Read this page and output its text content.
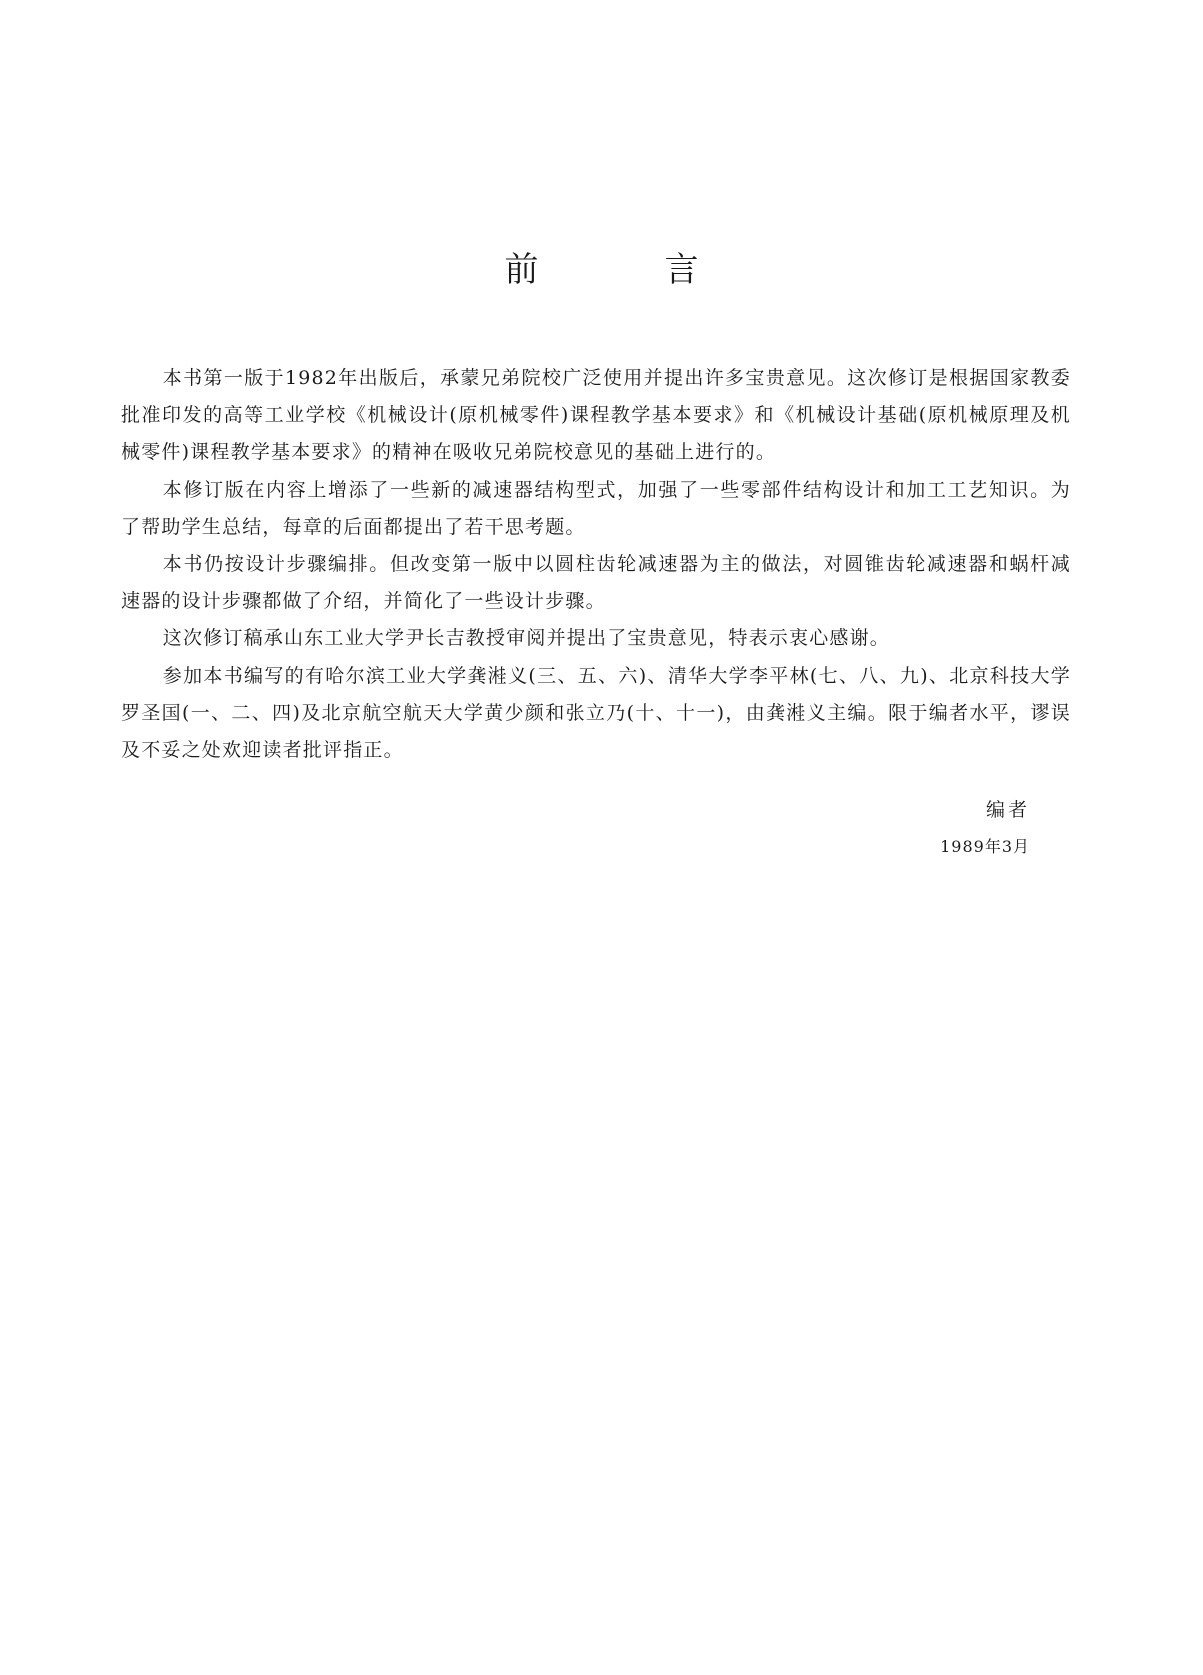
前　言

本书第一版于1982年出版后，承蒙兄弟院校广泛使用并提出许多宝贵意见。这次修订是根据国家教委批准印发的高等工业学校《机械设计(原机械零件)课程教学基本要求》和《机械设计基础(原机械原理及机械零件)课程教学基本要求》的精神在吸收兄弟院校意见的基础上进行的。

本修订版在内容上增添了一些新的减速器结构型式，加强了一些零部件结构设计和加工工艺知识。为了帮助学生总结，每章的后面都提出了若干思考题。

本书仍按设计步骤编排。但改变第一版中以圆柱齿轮减速器为主的做法，对圆锥齿轮减速器和蜗杆减速器的设计步骤都做了介绍，并简化了一些设计步骤。

这次修订稿承山东工业大学尹长吉教授审阅并提出了宝贵意见，特表示衷心感谢。

参加本书编写的有哈尔滨工业大学龚溎义(三、五、六)、清华大学李平林(七、八、九)、北京科技大学罗圣国(一、二、四)及北京航空航天大学黄少颜和张立乃(十、十一)，由龚溎义主编。限于编者水平，谬误及不妥之处欢迎读者批评指正。

编者
1989年3月
